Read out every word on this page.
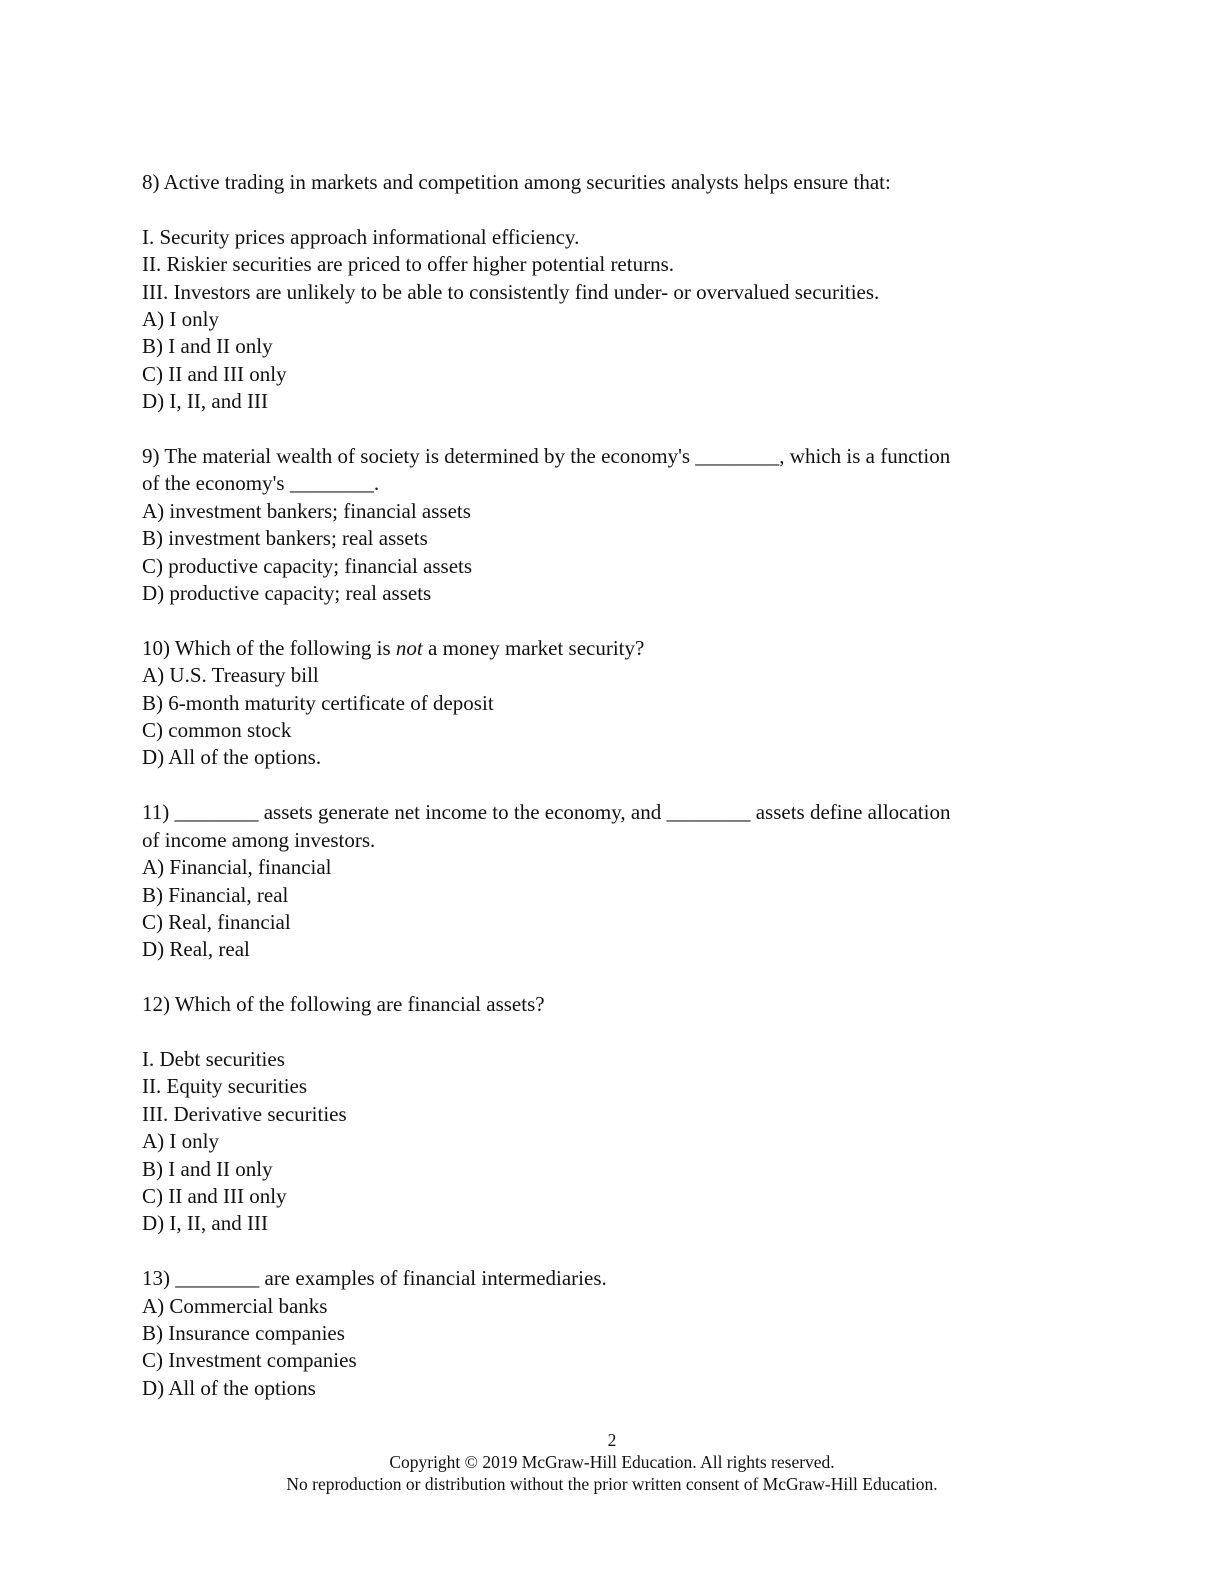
8) Active trading in markets and competition among securities analysts helps ensure that:
I. Security prices approach informational efficiency.
II. Riskier securities are priced to offer higher potential returns.
III. Investors are unlikely to be able to consistently find under- or overvalued securities.
A) I only
B) I and II only
C) II and III only
D) I, II, and III
9) The material wealth of society is determined by the economy's ________, which is a function
of the economy's ________.
A) investment bankers; financial assets
B) investment bankers; real assets
C) productive capacity; financial assets
D) productive capacity; real assets
10) Which of the following is not a money market security?
A) U.S. Treasury bill
B) 6-month maturity certificate of deposit
C) common stock
D) All of the options.
11) ________ assets generate net income to the economy, and ________ assets define allocation
of income among investors.
A) Financial, financial
B) Financial, real
C) Real, financial
D) Real, real
12) Which of the following are financial assets?
I. Debt securities
II. Equity securities
III. Derivative securities
A) I only
B) I and II only
C) II and III only
D) I, II, and III
13) ________ are examples of financial intermediaries.
A) Commercial banks
B) Insurance companies
C) Investment companies
D) All of the options
2
Copyright © 2019 McGraw-Hill Education. All rights reserved.
No reproduction or distribution without the prior written consent of McGraw-Hill Education.
